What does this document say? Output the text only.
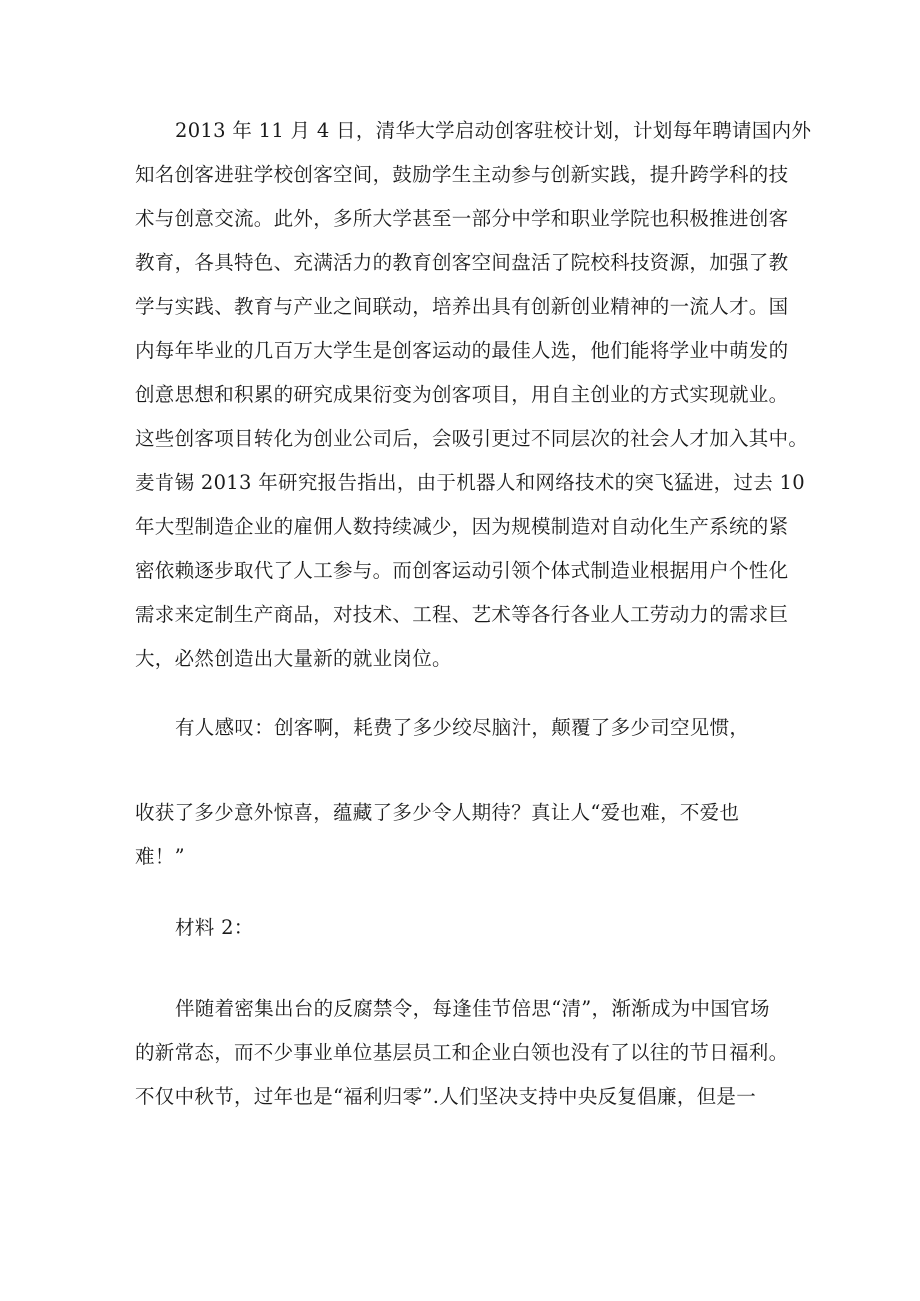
2013 年 11 月 4 日，清华大学启动创客驻校计划，计划每年聘请国内外
知名创客进驻学校创客空间，鼓励学生主动参与创新实践，提升跨学科的技
术与创意交流。此外，多所大学甚至一部分中学和职业学院也积极推进创客
教育，各具特色、充满活力的教育创客空间盘活了院校科技资源，加强了教
学与实践、教育与产业之间联动，培养出具有创新创业精神的一流人才。国
内每年毕业的几百万大学生是创客运动的最佳人选，他们能将学业中萌发的
创意思想和积累的研究成果衍变为创客项目，用自主创业的方式实现就业。
这些创客项目转化为创业公司后，会吸引更过不同层次的社会人才加入其中。
麦肯锡 2013 年研究报告指出，由于机器人和网络技术的突飞猛进，过去 10
年大型制造企业的雇佣人数持续减少，因为规模制造对自动化生产系统的紧
密依赖逐步取代了人工参与。而创客运动引领个体式制造业根据用户个性化
需求来定制生产商品，对技术、工程、艺术等各行各业人工劳动力的需求巨
大，必然创造出大量新的就业岗位。
有人感叹：创客啊，耗费了多少绞尽脑汁，颠覆了多少司空见惯，
收获了多少意外惊喜，蕴藏了多少令人期待？真让人“爱也难，不爱也
难！”
材料 2：
伴随着密集出台的反腐禁令，每逢佳节倍思“清”，渐渐成为中国官场
的新常态，而不少事业单位基层员工和企业白领也没有了以往的节日福利。
不仅中秋节，过年也是“福利归零”.人们坚决支持中央反复倡廉，但是一
